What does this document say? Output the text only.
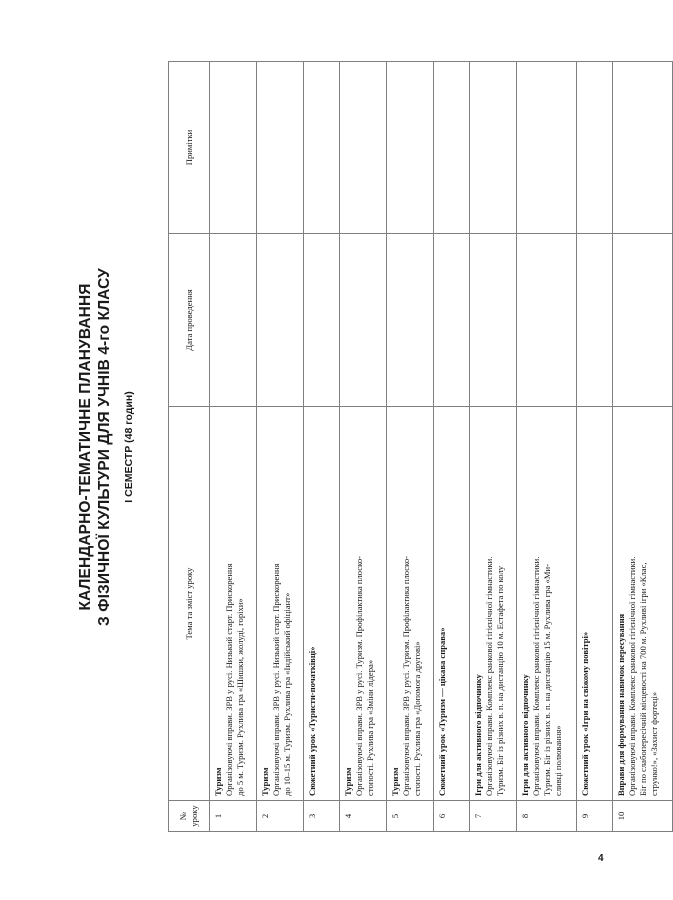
КАЛЕНДАРНО-ТЕМАТИЧНЕ ПЛАНУВАННЯ З ФІЗИЧНОЇ КУЛЬТУРИ ДЛЯ УЧНІВ 4-го КЛАСУ І СЕМЕСТР (48 годин)
№ уроку	Тема та зміст уроку	Дата проведення	Примітки
1	Туризм Організовуючі вправи. ЗРВ у русі. Низький старт. Прискорення до 5 м. Туризм. Рухлива гра «Шишки, жолуді, горіхи»		

2	Туризм Організовуючі вправи. ЗРВ у русі. Низький старт. Прискорення до 10–15 м. Туризм. Рухлива гра «Індійський офіціант»		

3	Сюжетний урок «Туристи-початківці»		

4	Туризм Організовуючі вправи. ЗРВ у русі. Туризм. Профілактика плоско- стопості. Рухлива гра «Зміни лідера»		

5	Туризм Організовуючі вправи. ЗРВ у русі. Туризм. Профілактика плоско- стопості. Рухлива гра «Допомога другові»		

6	Сюжетний урок «Туризм — цікава справа»		

7	Ігри для активного відпочинку Організовуючі вправи. Комплекс ранкової гігієнічної гімнастики. Туризм. Біг із різних в. п. на дистанцію 10 м. Естафета по колу		

8	Ігри для активного відпочинку Організовуючі вправи. Комплекс ранкової гігієнічної гімнастики. Туризм. Біг із різних в. п. на дистанцію 15 м. Рухлива гра «Ми- сливці полювання»		

9	Сюжетний урок «Ігри на свіжому повітрі»		

10	Вправи для формування навичок пересування Організовуючі вправи. Комплекс ранкової гігієнічної гімнастики. Біг по слабопересічній місцевості на 700 м. Рухливі ігри «Клас, струнко!», «Захист фортеці»		

4
